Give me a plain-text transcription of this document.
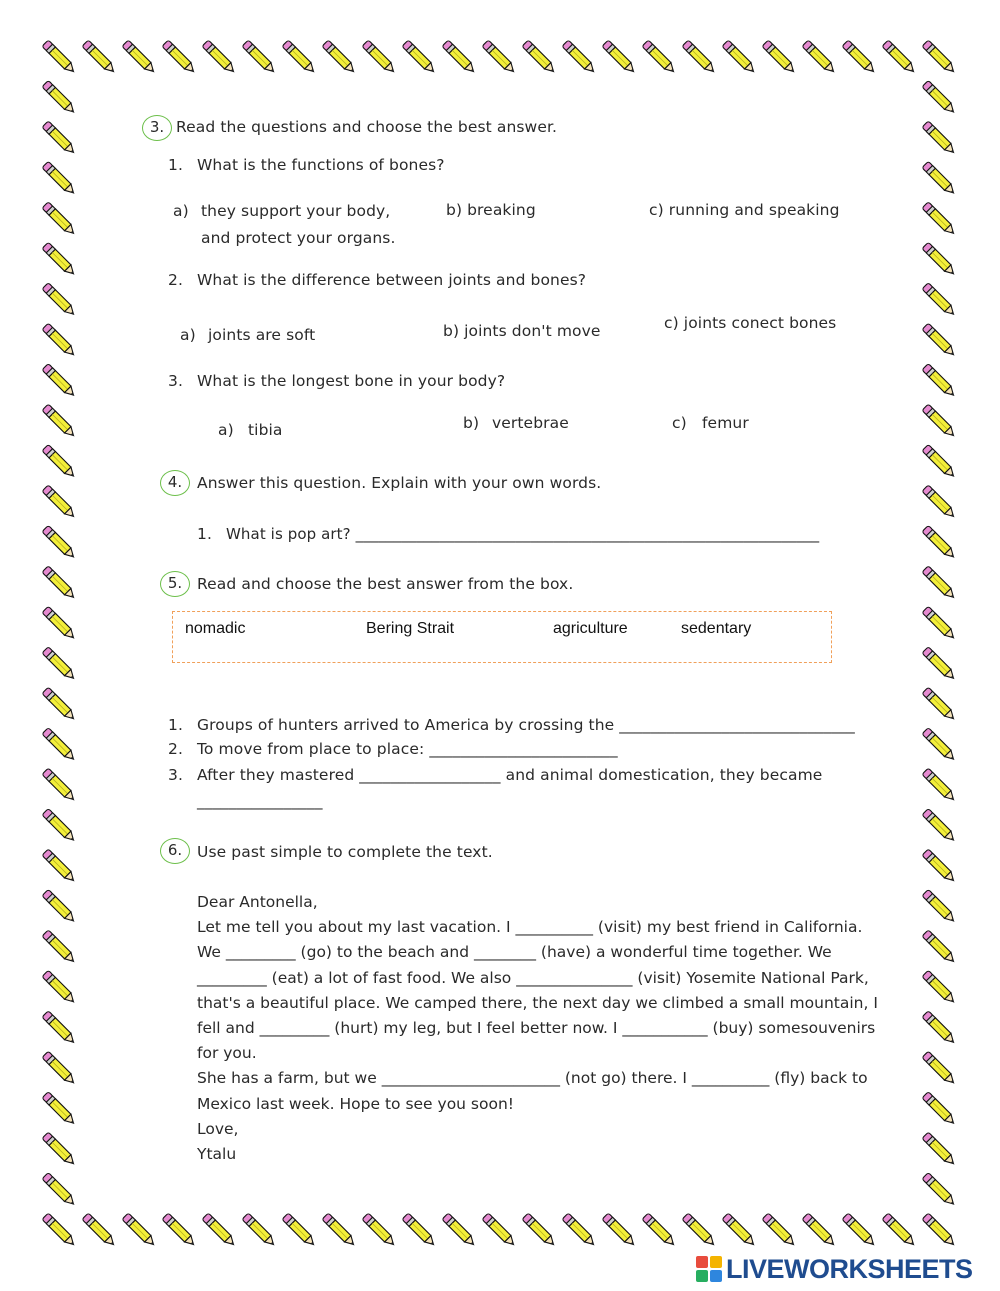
3. Read the questions and choose the best answer.
1. What is the functions of bones?
a) they support your body,
and protect your organs.
b) breaking	c) running and speaking
2. What is the difference between joints and bones?
a) joints are soft	b) joints don't move	c) joints conect bones
3. What is the longest bone in your body?
a) tibia	b) vertebrae	c) femur
4. Answer this question. Explain with your own words.
1. What is pop art? _____________________________________________________________
5. Read and choose the best answer from the box.
nomadic	Bering Strait	agriculture	sedentary
1. Groups of hunters arrived to America by crossing the ______________________________
2. To move from place to place: ________________________
3. After they mastered __________________ and animal domestication, they became
________________
6. Use past simple to complete the text.
Dear Antonella,
Let me tell you about my last vacation. I __________ (visit) my best friend in California.
We _________ (go) to the beach and ________ (have) a wonderful time together. We
_________ (eat) a lot of fast food. We also _______________ (visit) Yosemite National Park,
that's a beautiful place. We camped there, the next day we climbed a small mountain, I
fell and _________ (hurt) my leg, but I feel better now. I ___________ (buy) somesouvenirs
for you.
She has a farm, but we _______________________ (not go) there. I __________ (fly) back to
Mexico last week. Hope to see you soon!
Love,
Ytalu
LIVEWORKSHEETS
